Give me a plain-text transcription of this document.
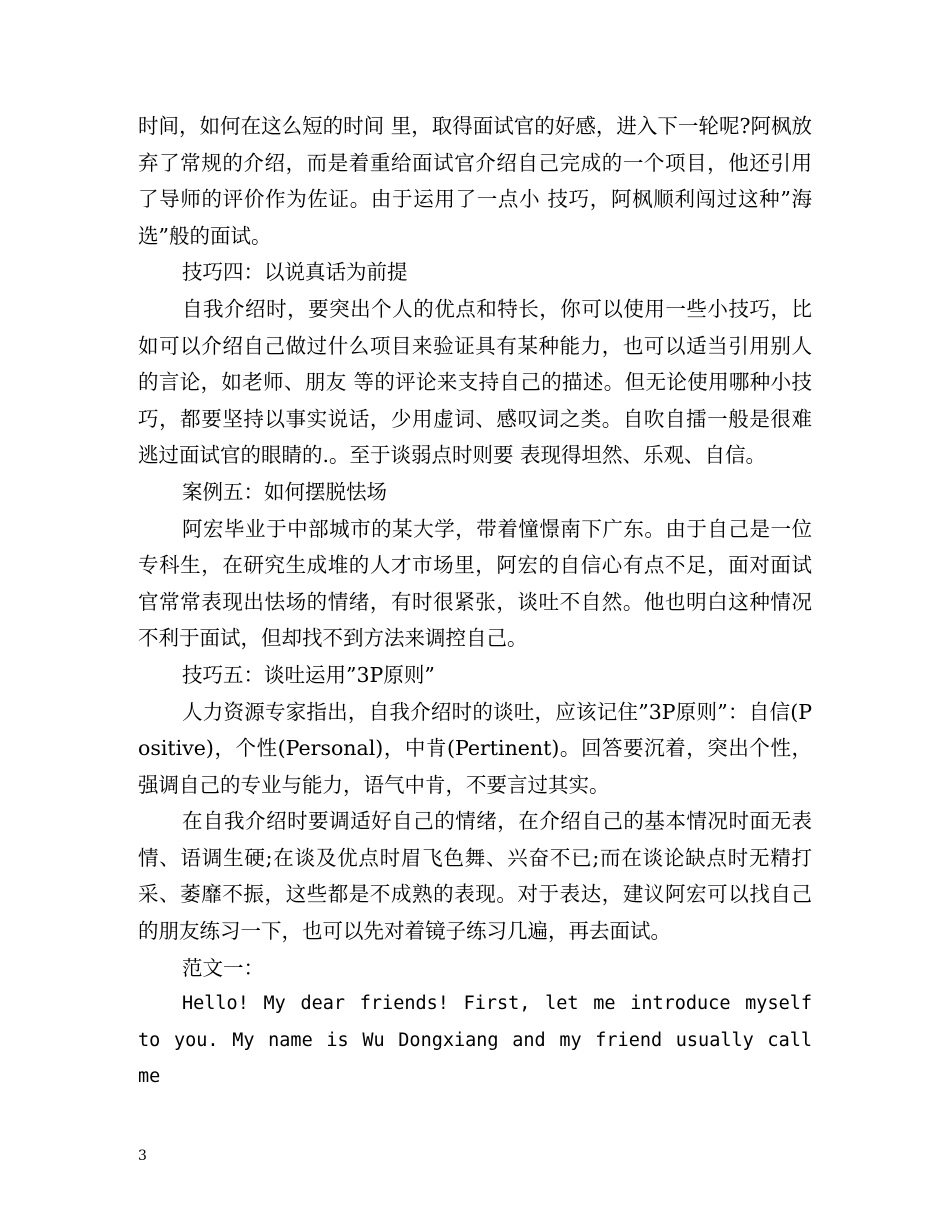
时间，如何在这么短的时间 里，取得面试官的好感，进入下一轮呢?阿枫放弃了常规的介绍，而是着重给面试官介绍自己完成的一个项目，他还引用了导师的评价作为佐证。由于运用了一点小 技巧，阿枫顺利闯过这种”海选”般的面试。

技巧四：以说真话为前提

自我介绍时，要突出个人的优点和特长，你可以使用一些小技巧，比如可以介绍自己做过什么项目来验证具有某种能力，也可以适当引用别人的言论，如老师、朋友 等的评论来支持自己的描述。但无论使用哪种小技巧，都要坚持以事实说话，少用虚词、感叹词之类。自吹自擂一般是很难逃过面试官的眼睛的.。至于谈弱点时则要 表现得坦然、乐观、自信。

案例五：如何摆脱怯场

阿宏毕业于中部城市的某大学，带着憧憬南下广东。由于自己是一位专科生，在研究生成堆的人才市场里，阿宏的自信心有点不足，面对面试官常常表现出怯场的情绪，有时很紧张，谈吐不自然。他也明白这种情况不利于面试，但却找不到方法来调控自己。

技巧五：谈吐运用”3P原则”

人力资源专家指出，自我介绍时的谈吐，应该记住”3P原则”：自信(Positive)，个性(Personal)，中肯(Pertinent)。回答要沉着，突出个性，强调自己的专业与能力，语气中肯，不要言过其实。

在自我介绍时要调适好自己的情绪，在介绍自己的基本情况时面无表情、语调生硬;在谈及优点时眉飞色舞、兴奋不已;而在谈论缺点时无精打采、萎靡不振，这些都是不成熟的表现。对于表达，建议阿宏可以找自己的朋友练习一下，也可以先对着镜子练习几遍，再去面试。

范文一：

Hello! My dear friends! First, let me introduce myself to you. My name is Wu Dongxiang and my friend usually call me

3
